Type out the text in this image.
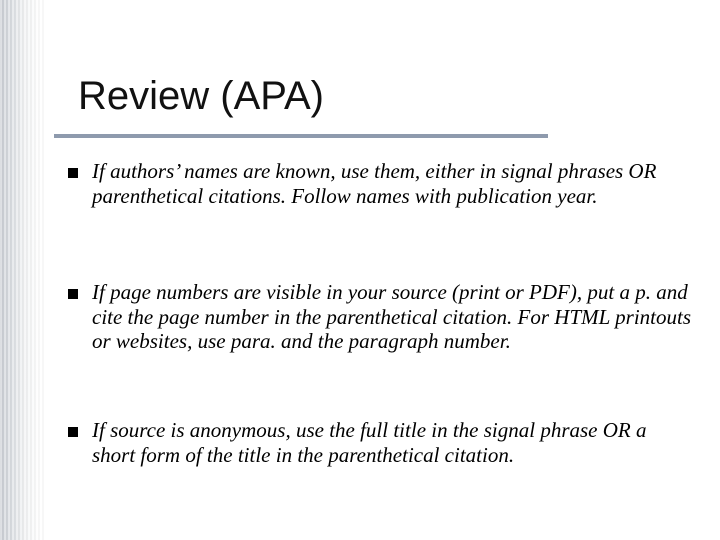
Review (APA)
If authors’ names are known, use them, either in signal phrases OR parenthetical citations. Follow names with publication year.
If page numbers are visible in your source (print or PDF), put a p. and cite the page number in the parenthetical citation. For HTML printouts or websites, use para. and the paragraph number.
If source is anonymous, use the full title in the signal phrase OR a short form of the title in the parenthetical citation.
